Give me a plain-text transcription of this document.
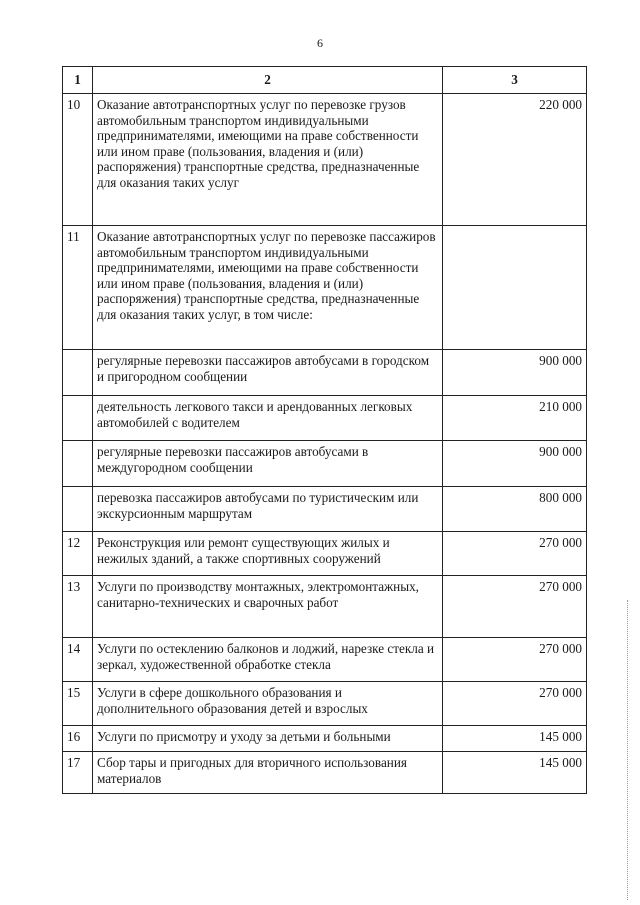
6
1	2	3
10	Оказание автотранспортных услуг по перевозке грузов автомобильным транспортом индивидуальными предпринимателями, имеющими на праве собственности или ином праве (пользования, владения и (или) распоряжения) транспортные средства, предназначенные для оказания таких услуг	220 000
11	Оказание автотранспортных услуг по перевозке пассажиров автомобильным транспортом индивидуальными предпринимателями, имеющими на праве собственности или ином праве (пользования, владения и (или) распоряжения) транспортные средства, предназначенные для оказания таких услуг, в том числе:	
	регулярные перевозки пассажиров автобусами в городском и пригородном сообщении	900 000
	деятельность легкового такси и арендованных легковых автомобилей с водителем	210 000
	регулярные перевозки пассажиров автобусами в междугородном сообщении	900 000
	перевозка пассажиров автобусами по туристическим или экскурсионным маршрутам	800 000
12	Реконструкция или ремонт существующих жилых и нежилых зданий, а также спортивных сооружений	270 000
13	Услуги по производству монтажных, электромонтажных, санитарно-технических и сварочных работ	270 000
14	Услуги по остеклению балконов и лоджий, нарезке стекла и зеркал, художественной обработке стекла	270 000
15	Услуги в сфере дошкольного образования и дополнительного образования детей и взрослых	270 000
16	Услуги по присмотру и уходу за детьми и больными	145 000
17	Сбор тары и пригодных для вторичного использования материалов	145 000
